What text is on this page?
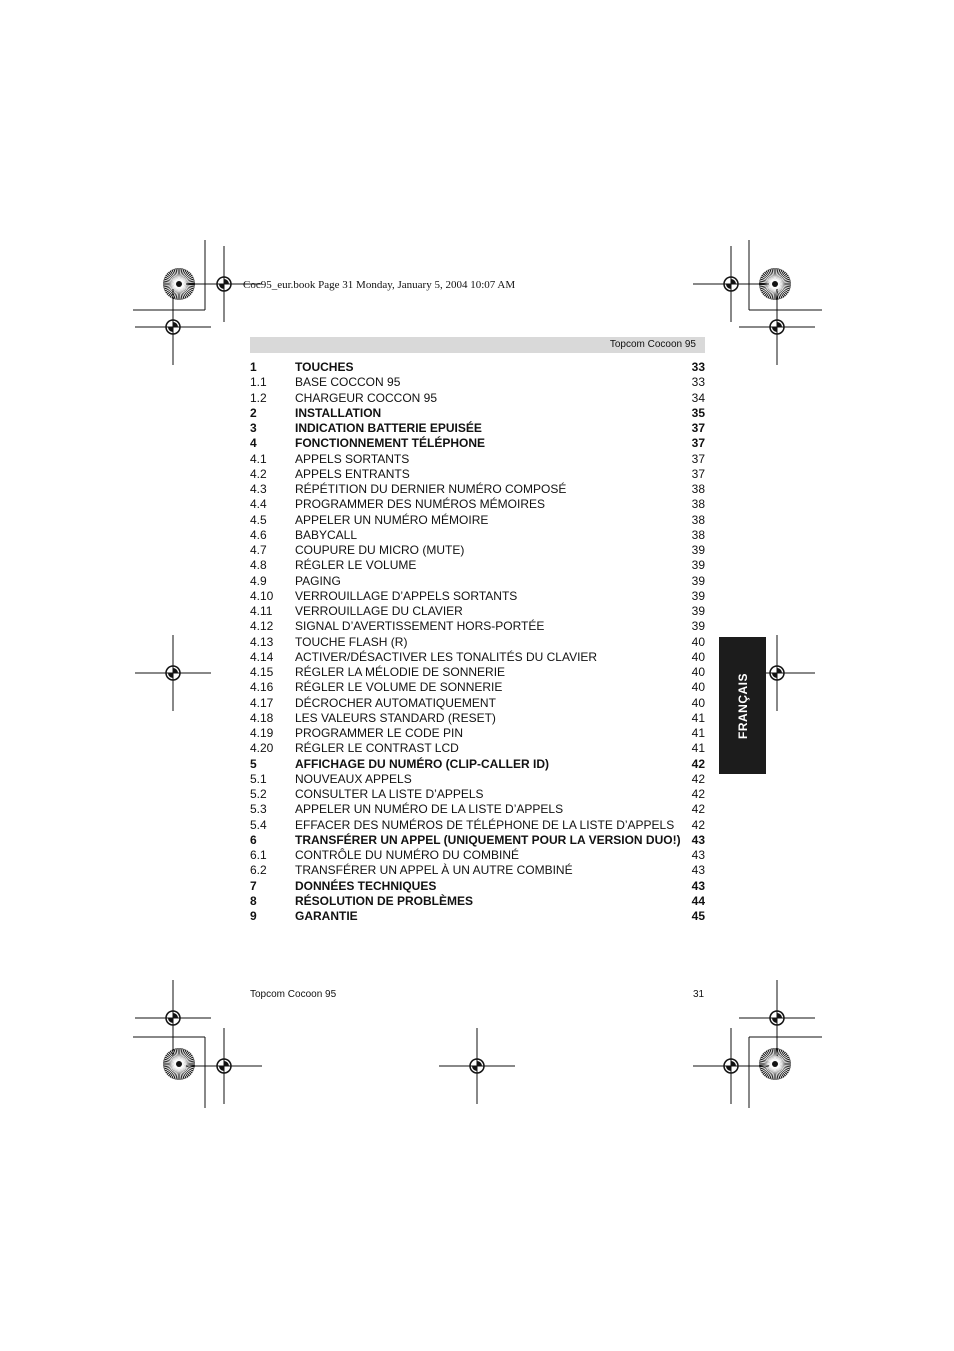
Coc95_eur.book Page 31 Monday, January 5, 2004 10:07 AM
Topcom Cocoon 95
1	TOUCHES	33
1.1 BASE COCCON 95	33
1.2 CHARGEUR COCCON 95	34
2	INSTALLATION	35
3	INDICATION BATTERIE EPUISÉE	37
4	FONCTIONNEMENT TÉLÉPHONE	37
4.1 APPELS SORTANTS	37
4.2 APPELS ENTRANTS	37
4.3 RÉPÉTITION DU DERNIER NUMÉRO COMPOSÉ	38
4.4 PROGRAMMER DES NUMÉROS MÉMOIRES	38
4.5 APPELER UN NUMÉRO MÉMOIRE	38
4.6 BABYCALL	38
4.7 COUPURE DU MICRO (MUTE)	39
4.8 RÉGLER LE VOLUME	39
4.9 PAGING	39
4.10 VERROUILLAGE D’APPELS SORTANTS	39
4.11 VERROUILLAGE DU CLAVIER	39
4.12 SIGNAL D’AVERTISSEMENT HORS-PORTÉE	39
4.13 TOUCHE FLASH (R)	40
4.14 ACTIVER/DÉSACTIVER LES TONALITÉS DU CLAVIER	40
4.15 RÉGLER LA MÉLODIE DE SONNERIE	40
4.16 RÉGLER LE VOLUME DE SONNERIE	40
4.17 DÉCROCHER AUTOMATIQUEMENT	40
4.18 LES VALEURS STANDARD (RESET)	41
4.19 PROGRAMMER LE CODE PIN	41
4.20 RÉGLER LE CONTRAST LCD	41
5	AFFICHAGE DU NUMÉRO (CLIP-CALLER ID)	42
5.1 NOUVEAUX APPELS	42
5.2 CONSULTER LA LISTE D’APPELS	42
5.3 APPELER UN NUMÉRO DE LA LISTE D’APPELS	42
5.4 EFFACER DES NUMÉROS DE TÉLÉPHONE DE LA LISTE D’APPELS 42
6	TRANSFÉRER UN APPEL (UNIQUEMENT POUR LA VERSION DUO!) 43
6.1 CONTRÔLE DU NUMÉRO DU COMBINÉ	43
6.2 TRANSFÉRER UN APPEL À UN AUTRE COMBINÉ	43
7	DONNÉES TECHNIQUES	43
8	RÉSOLUTION DE PROBLÈMES	44
9	GARANTIE	45
FRANÇAIS
Topcom Cocoon 95	31
